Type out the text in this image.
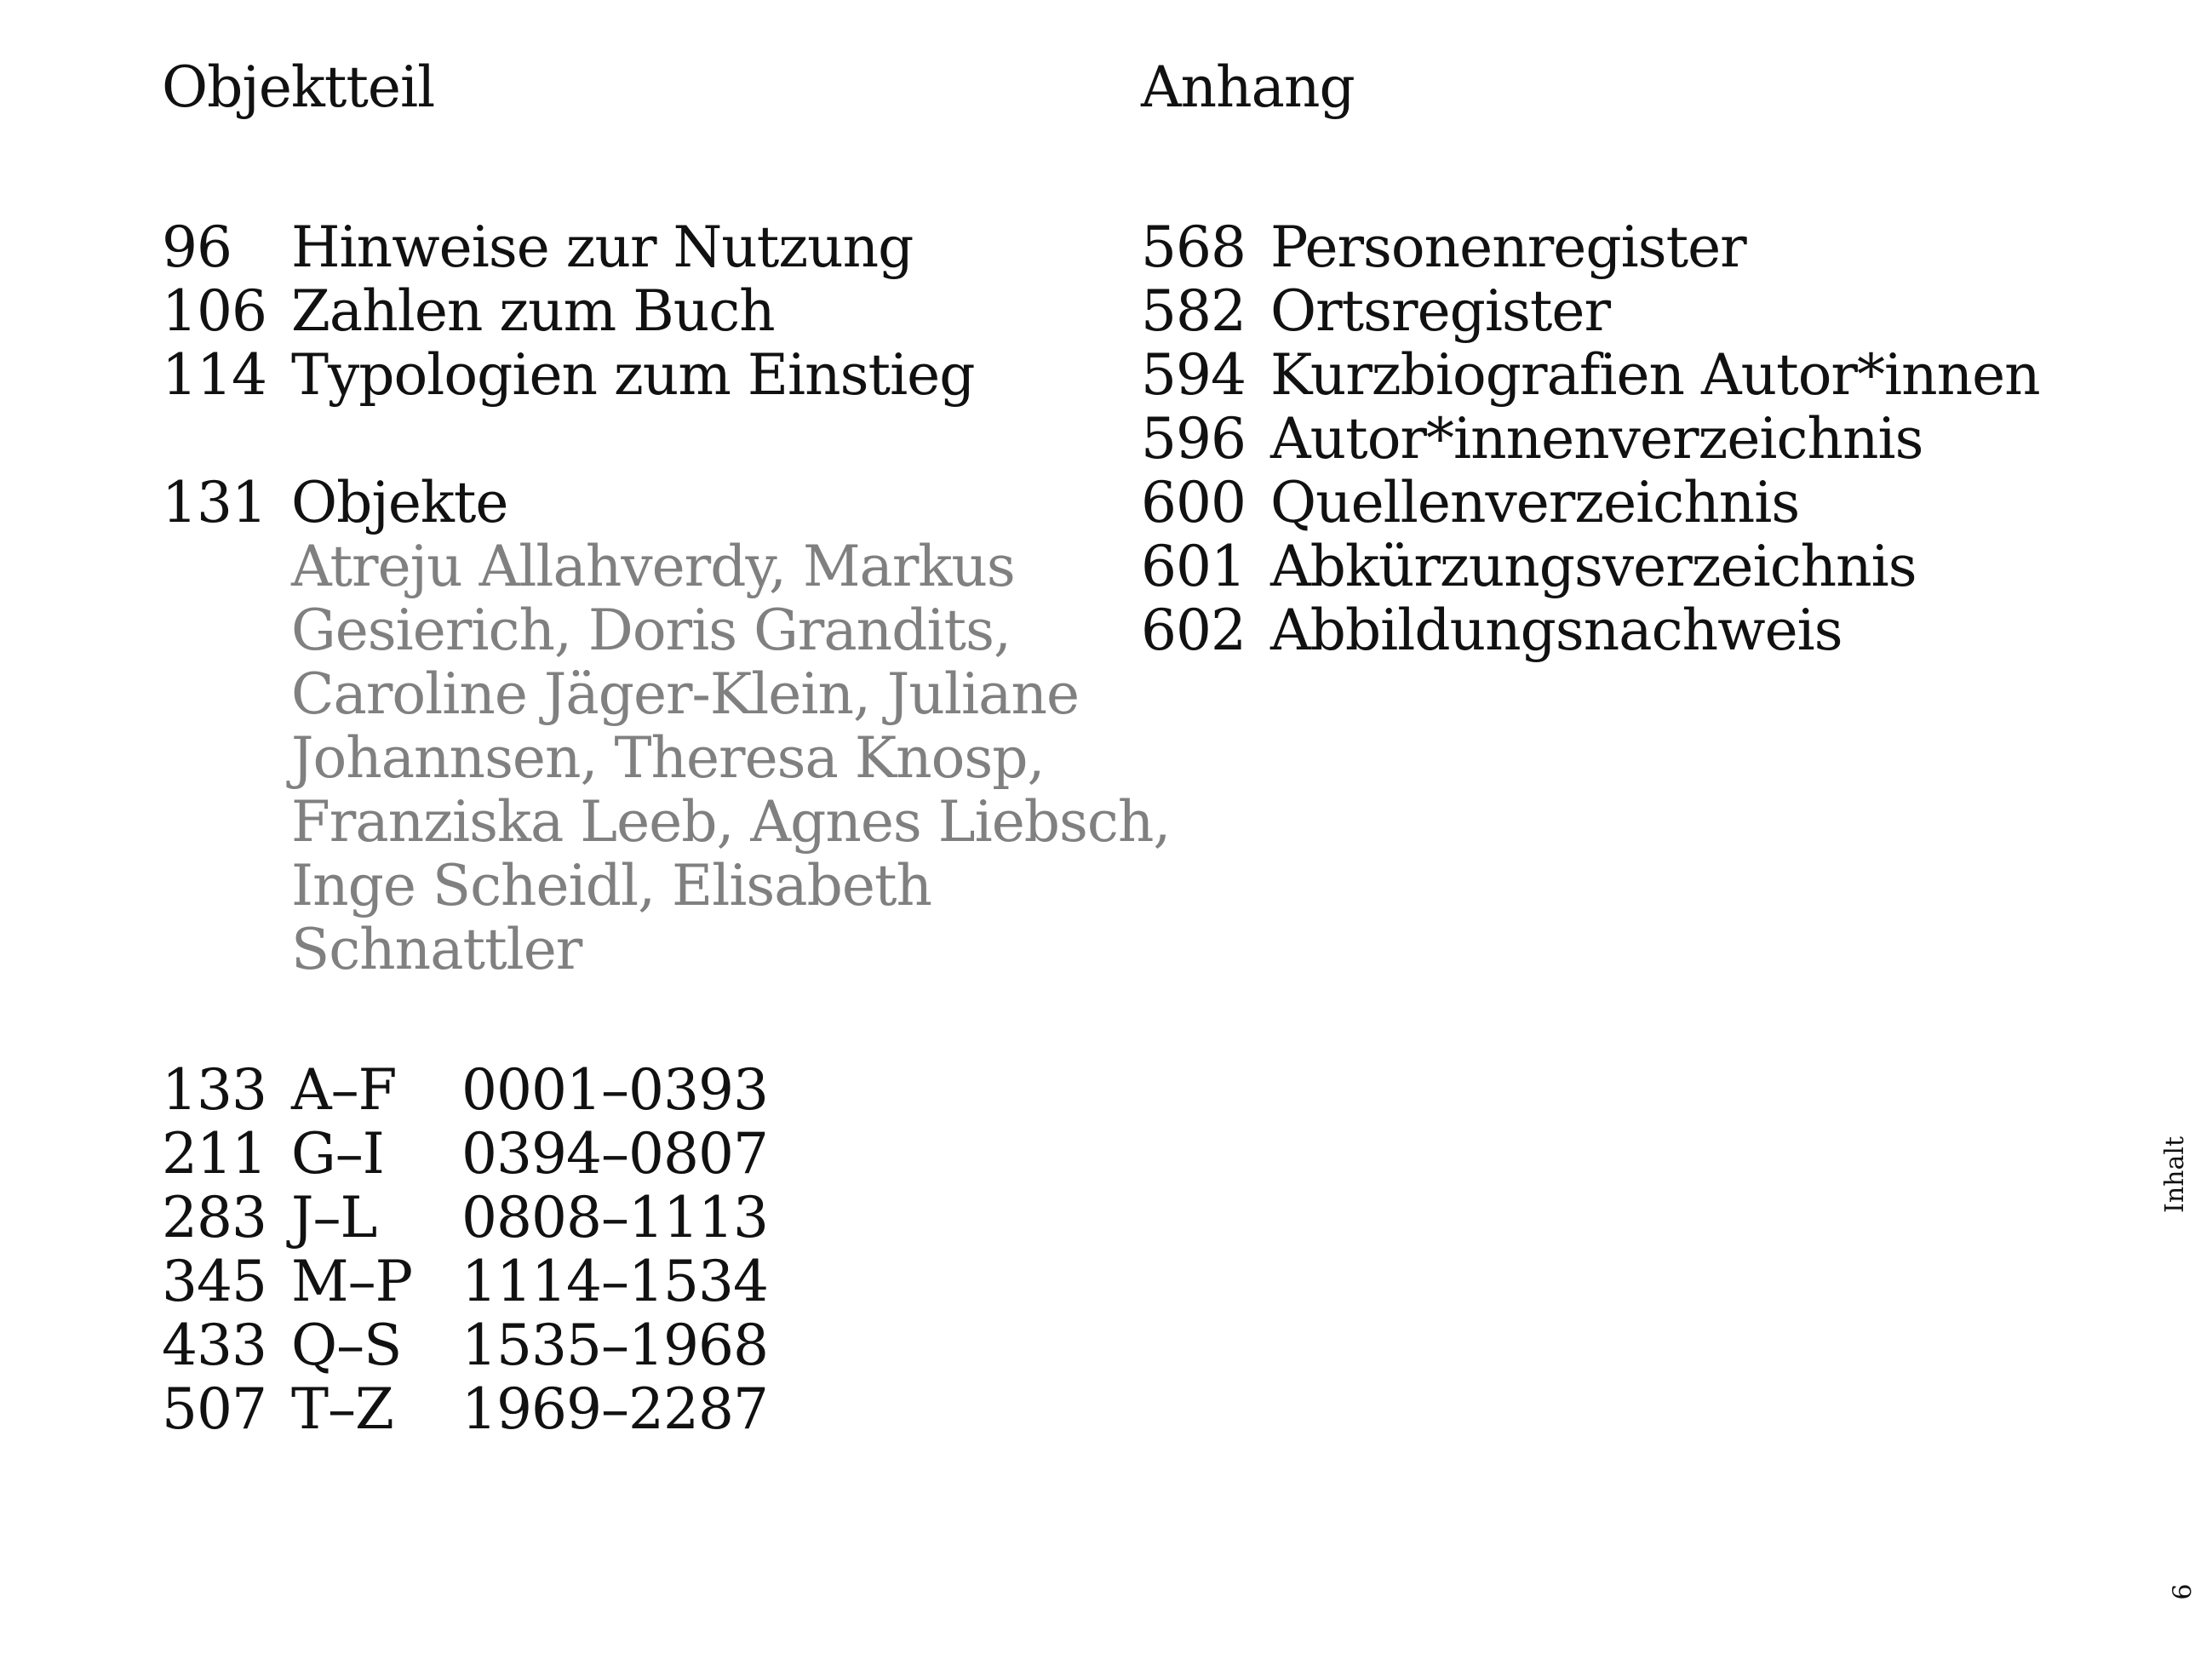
Objektteil
96	Hinweise zur Nutzung
106 Zahlen zum Buch
114 Typologien zum Einstieg
131 Objekte
Atreju Allahverdy, Markus
Gesierich, Doris Grandits,
Caroline Jäger-Klein, Juliane
Johannsen, Theresa Knosp,
Franziska Leeb, Agnes Liebsch,
Inge Scheidl, Elisabeth
Schnattler
133 A–F	0001–0393
211 G–I	0394–0807
283 J–L	0808–1113
345 M–P 1114–1534
433 Q–S	1535–1968
507 T–Z	1969–2287
Anhang
568 Personenregister
582 Ortsregister
594 Kurzbiografien Autor*innen
596 Autor*innenverzeichnis
600 Quellenverzeichnis
601 Abkürzungsverzeichnis
602 Abbildungsnachweis
Inhalt
9
